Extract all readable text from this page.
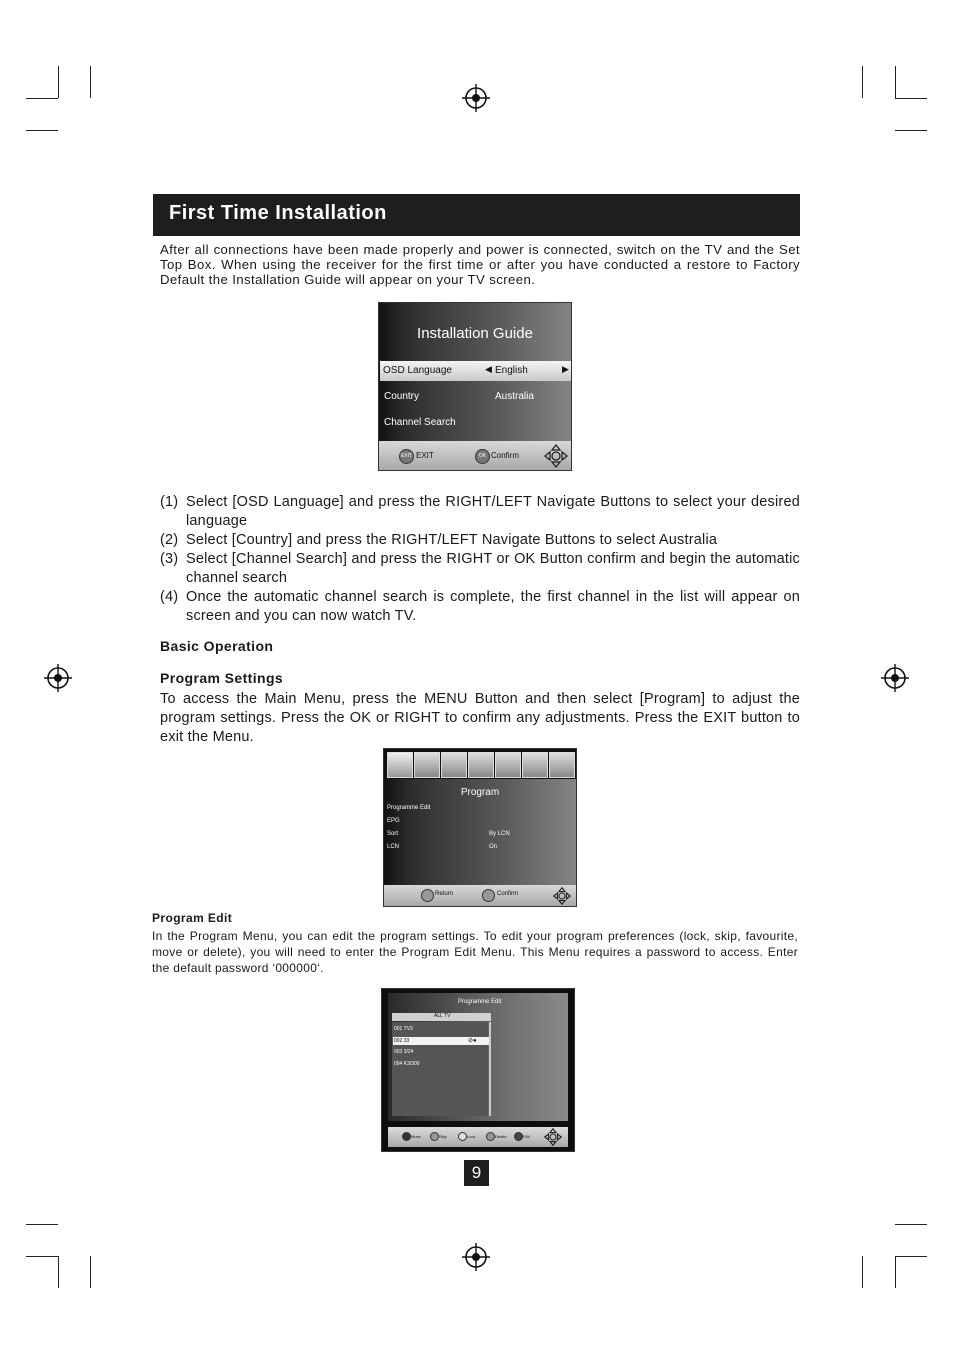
First Time Installation
After all connections have been made properly and power is connected, switch on the TV and the Set Top Box. When using the receiver for the first time or after you have conducted a restore to Factory Default the Installation Guide will appear on your TV screen.
Installation Guide
OSD Language	◀ English	▶
Country	Australia
Channel Search
EXIT EXIT	OK Confirm
(1) Select [OSD Language] and press the RIGHT/LEFT Navigate Buttons to select your desired language
(2) Select [Country] and press the RIGHT/LEFT Navigate Buttons to select Australia
(3) Select [Channel Search] and press the RIGHT or OK Button confirm and begin the automatic channel search
(4) Once the automatic channel search is complete, the first channel in the list will appear on screen and you can now watch TV.
Basic Operation
Program Settings
To access the Main Menu, press the MENU Button and then select [Program] to adjust the program settings. Press the OK or RIGHT to confirm any adjustments. Press the EXIT button to exit the Menu.
Program
Programme Edit
EPG
Sort	By LCN
LCN	On
Return	Confirm
Program Edit
In the Program Menu, you can edit the program settings. To edit your program preferences (lock, skip, favourite, move or delete), you will need to enter the Program Edit Menu. This Menu requires a password to access. Enter the default password ‘000000‘.
Programme Edit
ALL TV
001 TV3
002 33	⊘●
003 3/24
004 K3/300
Move	Skip	Lock	Delete	FAV
9
